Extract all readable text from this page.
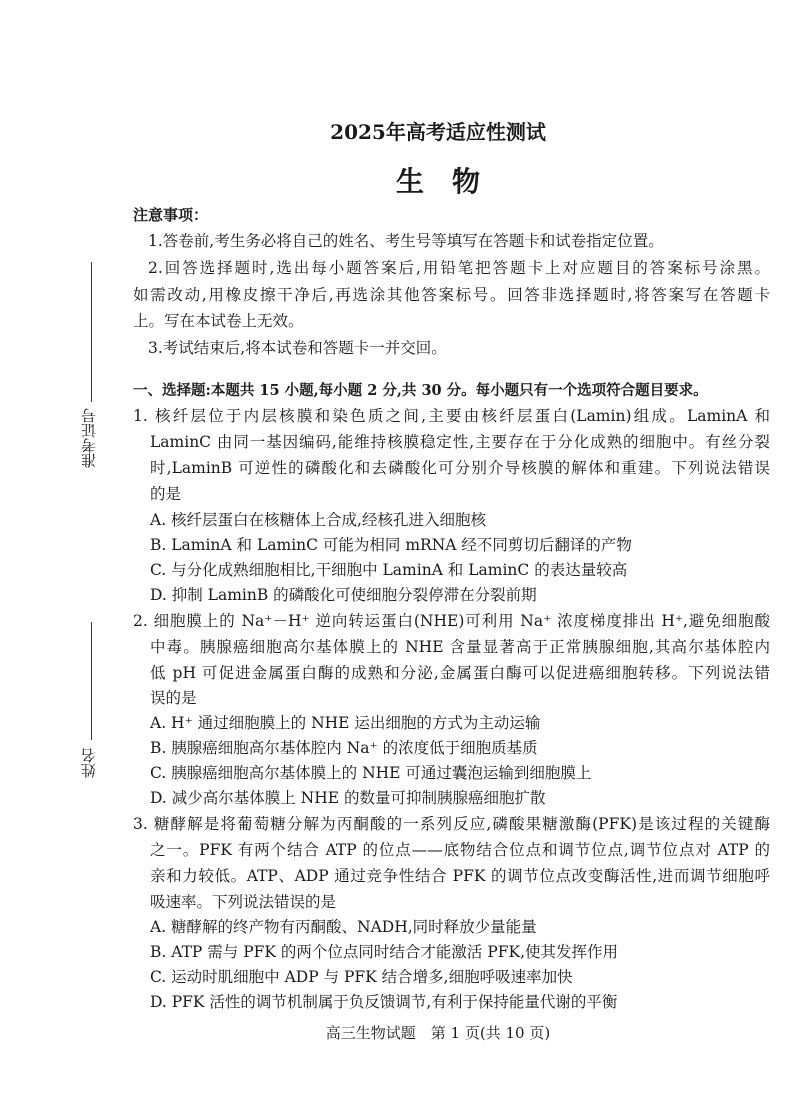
2025年高考适应性测试
生　物
准考证号
姓名
注意事项：
1.答卷前,考生务必将自己的姓名、考生号等填写在答题卡和试卷指定位置。
2.回答选择题时,选出每小题答案后,用铅笔把答题卡上对应题目的答案标号涂黑。
如需改动,用橡皮擦干净后,再选涂其他答案标号。回答非选择题时,将答案写在答题卡
上。写在本试卷上无效。
3.考试结束后,将本试卷和答题卡一并交回。
一、选择题:本题共 15 小题,每小题 2 分,共 30 分。每小题只有一个选项符合题目要求。
1. 核纤层位于内层核膜和染色质之间,主要由核纤层蛋白(Lamin)组成。LaminA 和
LaminC 由同一基因编码,能维持核膜稳定性,主要存在于分化成熟的细胞中。有丝分裂
时,LaminB 可逆性的磷酸化和去磷酸化可分别介导核膜的解体和重建。下列说法错误
的是
A. 核纤层蛋白在核糖体上合成,经核孔进入细胞核
B. LaminA 和 LaminC 可能为相同 mRNA 经不同剪切后翻译的产物
C. 与分化成熟细胞相比,干细胞中 LaminA 和 LaminC 的表达量较高
D. 抑制 LaminB 的磷酸化可使细胞分裂停滞在分裂前期
2. 细胞膜上的 Na⁺－H⁺ 逆向转运蛋白(NHE)可利用 Na⁺ 浓度梯度排出 H⁺,避免细胞酸
中毒。胰腺癌细胞高尔基体膜上的 NHE 含量显著高于正常胰腺细胞,其高尔基体腔内
低 pH 可促进金属蛋白酶的成熟和分泌,金属蛋白酶可以促进癌细胞转移。下列说法错
误的是
A. H⁺ 通过细胞膜上的 NHE 运出细胞的方式为主动运输
B. 胰腺癌细胞高尔基体腔内 Na⁺ 的浓度低于细胞质基质
C. 胰腺癌细胞高尔基体膜上的 NHE 可通过囊泡运输到细胞膜上
D. 减少高尔基体膜上 NHE 的数量可抑制胰腺癌细胞扩散
3. 糖酵解是将葡萄糖分解为丙酮酸的一系列反应,磷酸果糖激酶(PFK)是该过程的关键酶
之一。PFK 有两个结合 ATP 的位点——底物结合位点和调节位点,调节位点对 ATP 的
亲和力较低。ATP、ADP 通过竞争性结合 PFK 的调节位点改变酶活性,进而调节细胞呼
吸速率。下列说法错误的是
A. 糖酵解的终产物有丙酮酸、NADH,同时释放少量能量
B. ATP 需与 PFK 的两个位点同时结合才能激活 PFK,使其发挥作用
C. 运动时肌细胞中 ADP 与 PFK 结合增多,细胞呼吸速率加快
D. PFK 活性的调节机制属于负反馈调节,有利于保持能量代谢的平衡
高三生物试题　第 1 页(共 10 页)
